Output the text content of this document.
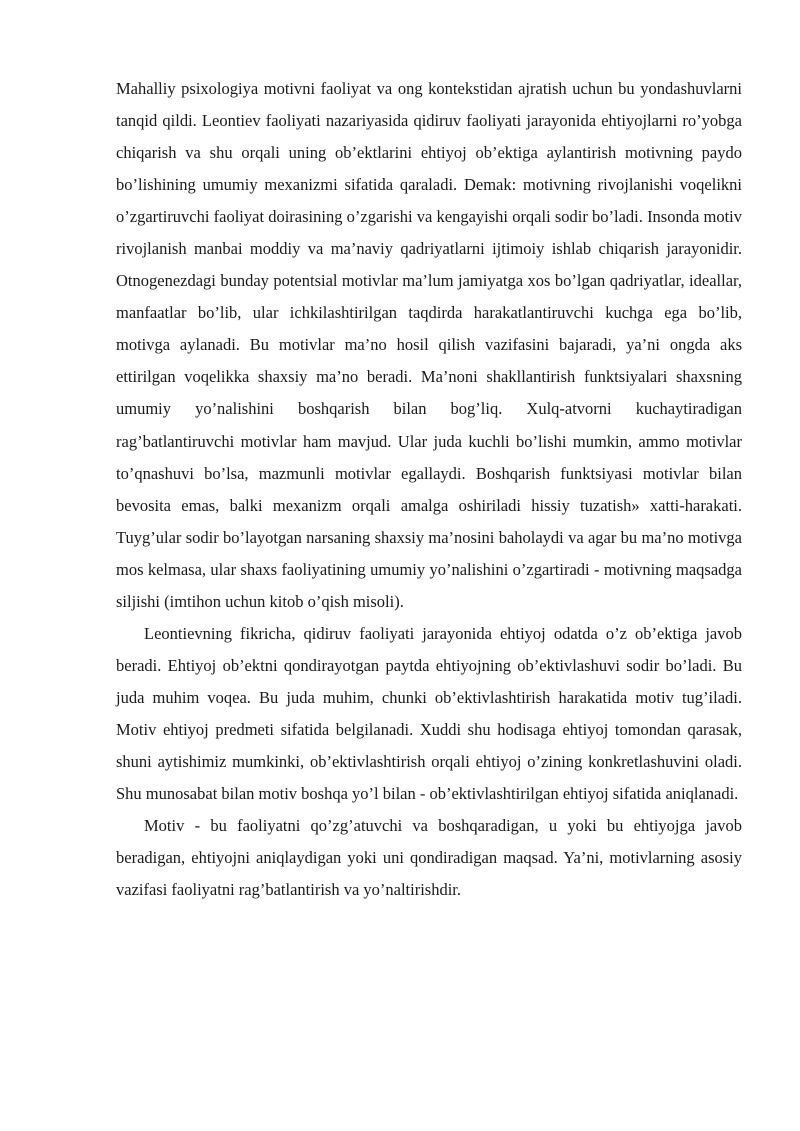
Mahalliy psixologiya motivni faoliyat va ong kontekstidan ajratish uchun bu yondashuvlarni tanqid qildi. Leontiev faoliyati nazariyasida qidiruv faoliyati jarayonida ehtiyojlarni ro’yobga chiqarish va shu orqali uning ob’ektlarini ehtiyoj ob’ektiga aylantirish motivning paydo bo’lishining umumiy mexanizmi sifatida qaraladi. Demak: motivning rivojlanishi voqelikni o’zgartiruvchi faoliyat doirasining o’zgarishi va kengayishi orqali sodir bo’ladi. Insonda motiv rivojlanish manbai moddiy va ma’naviy qadriyatlarni ijtimoiy ishlab chiqarish jarayonidir. Otnogenezdagi bunday potentsial motivlar ma’lum jamiyatga xos bo’lgan qadriyatlar, ideallar, manfaatlar bo’lib, ular ichkilashtirilgan taqdirda harakatlantiruvchi kuchga ega bo’lib, motivga aylanadi. Bu motivlar ma’no hosil qilish vazifasini bajaradi, ya’ni ongda aks ettirilgan voqelikka shaxsiy ma’no beradi. Ma’noni shakllantirish funktsiyalari shaxsning umumiy yo’nalishini boshqarish bilan bog’liq. Xulq-atvorni kuchaytiradigan rag’batlantiruvchi motivlar ham mavjud. Ular juda kuchli bo’lishi mumkin, ammo motivlar to’qnashuvi bo’lsa, mazmunli motivlar egallaydi. Boshqarish funktsiyasi motivlar bilan bevosita emas, balki mexanizm orqali amalga oshiriladi hissiy tuzatish» xatti-harakati. Tuyg’ular sodir bo’layotgan narsaning shaxsiy ma’nosini baholaydi va agar bu ma’no motivga mos kelmasa, ular shaxs faoliyatining umumiy yo’nalishini o’zgartiradi - motivning maqsadga siljishi (imtihon uchun kitob o’qish misoli).

Leontievning fikricha, qidiruv faoliyati jarayonida ehtiyoj odatda o’z ob’ektiga javob beradi. Ehtiyoj ob’ektni qondirayotgan paytda ehtiyojning ob’ektivlashuvi sodir bo’ladi. Bu juda muhim voqea. Bu juda muhim, chunki ob’ektivlashtirish harakatida motiv tug’iladi. Motiv ehtiyoj predmeti sifatida belgilanadi. Xuddi shu hodisaga ehtiyoj tomondan qarasak, shuni aytishimiz mumkinki, ob’ektivlashtirish orqali ehtiyoj o’zining konkretlashuvini oladi. Shu munosabat bilan motiv boshqa yo’l bilan - ob’ektivlashtirilgan ehtiyoj sifatida aniqlanadi.

Motiv - bu faoliyatni qo’zg’atuvchi va boshqaradigan, u yoki bu ehtiyojga javob beradigan, ehtiyojni aniqlaydigan yoki uni qondiradigan maqsad. Ya’ni, motivlarning asosiy vazifasi faoliyatni rag’batlantirish va yo’naltirishdir.
